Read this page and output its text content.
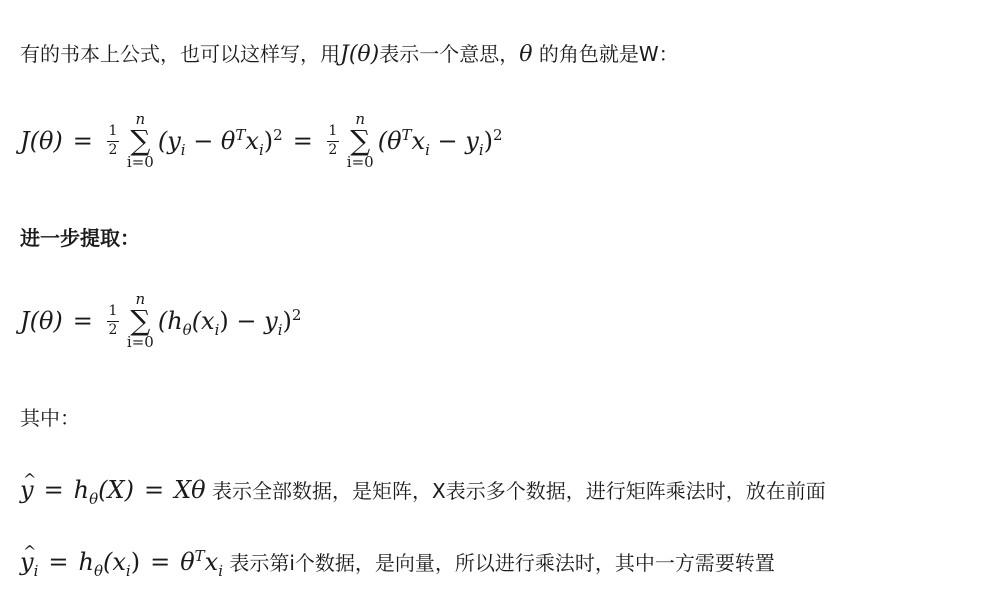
有的书本上公式，也可以这样写，用J(θ)表示一个意思，θ 的角色就是W：
$J(\theta) = \frac{1}{2}$
n
∑
i=0
$(y_i - \theta^Tx_i)^2 = \frac{1}{2}$
n
∑
i=0
$(\theta^Tx_i - y_i)^2$
进一步提取：
$J(\theta) = \frac{1}{2}$
n
∑
i=0
$(h_\theta(x_i) - y_i)^2$
其中：
y ^ = $h_\theta(X) = X\theta$ 表示全部数据，是矩阵，X表示多个数据，进行矩阵乘法时，放在前面
y $\^{}_i = h_\theta(x_i) = \theta^Tx_i$ 表示第i个数据，是向量，所以进行乘法时，其中一方需要转置
